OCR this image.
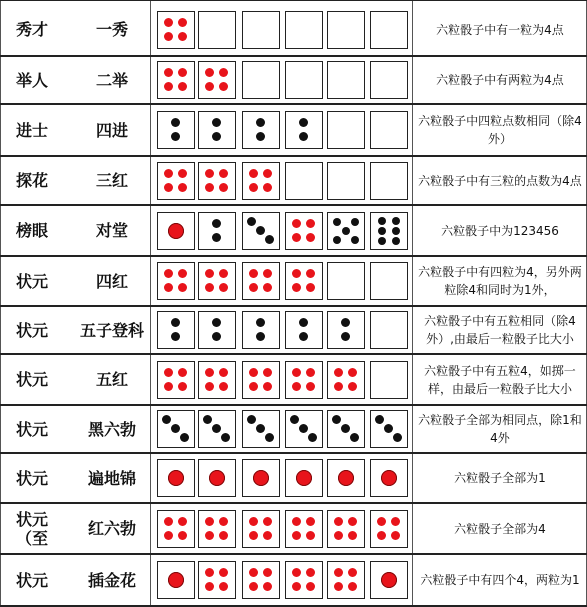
秀才	一秀	六粒骰子中有一粒为4点
举人	二举	六粒骰子中有两粒为4点
进士	四进	六粒骰子中四粒点数相同（除4外）
探花	三红	六粒骰子中有三粒的点数为4点
榜眼	对堂	六粒骰子中为123456
状元	四红	六粒骰子中有四粒为4，另外两粒除4和同时为1外，
状元	五子登科	六粒骰子中有五粒相同（除4外）,由最后一粒骰子比大小
状元	五红	六粒骰子中有五粒4，如掷一样，由最后一粒骰子比大小
状元	黑六勃	六粒骰子全部为相同点，除1和4外
状元	遍地锦	六粒骰子全部为1
状元（至	红六勃	六粒骰子全部为4
状元	插金花	六粒骰子中有四个4，两粒为1
